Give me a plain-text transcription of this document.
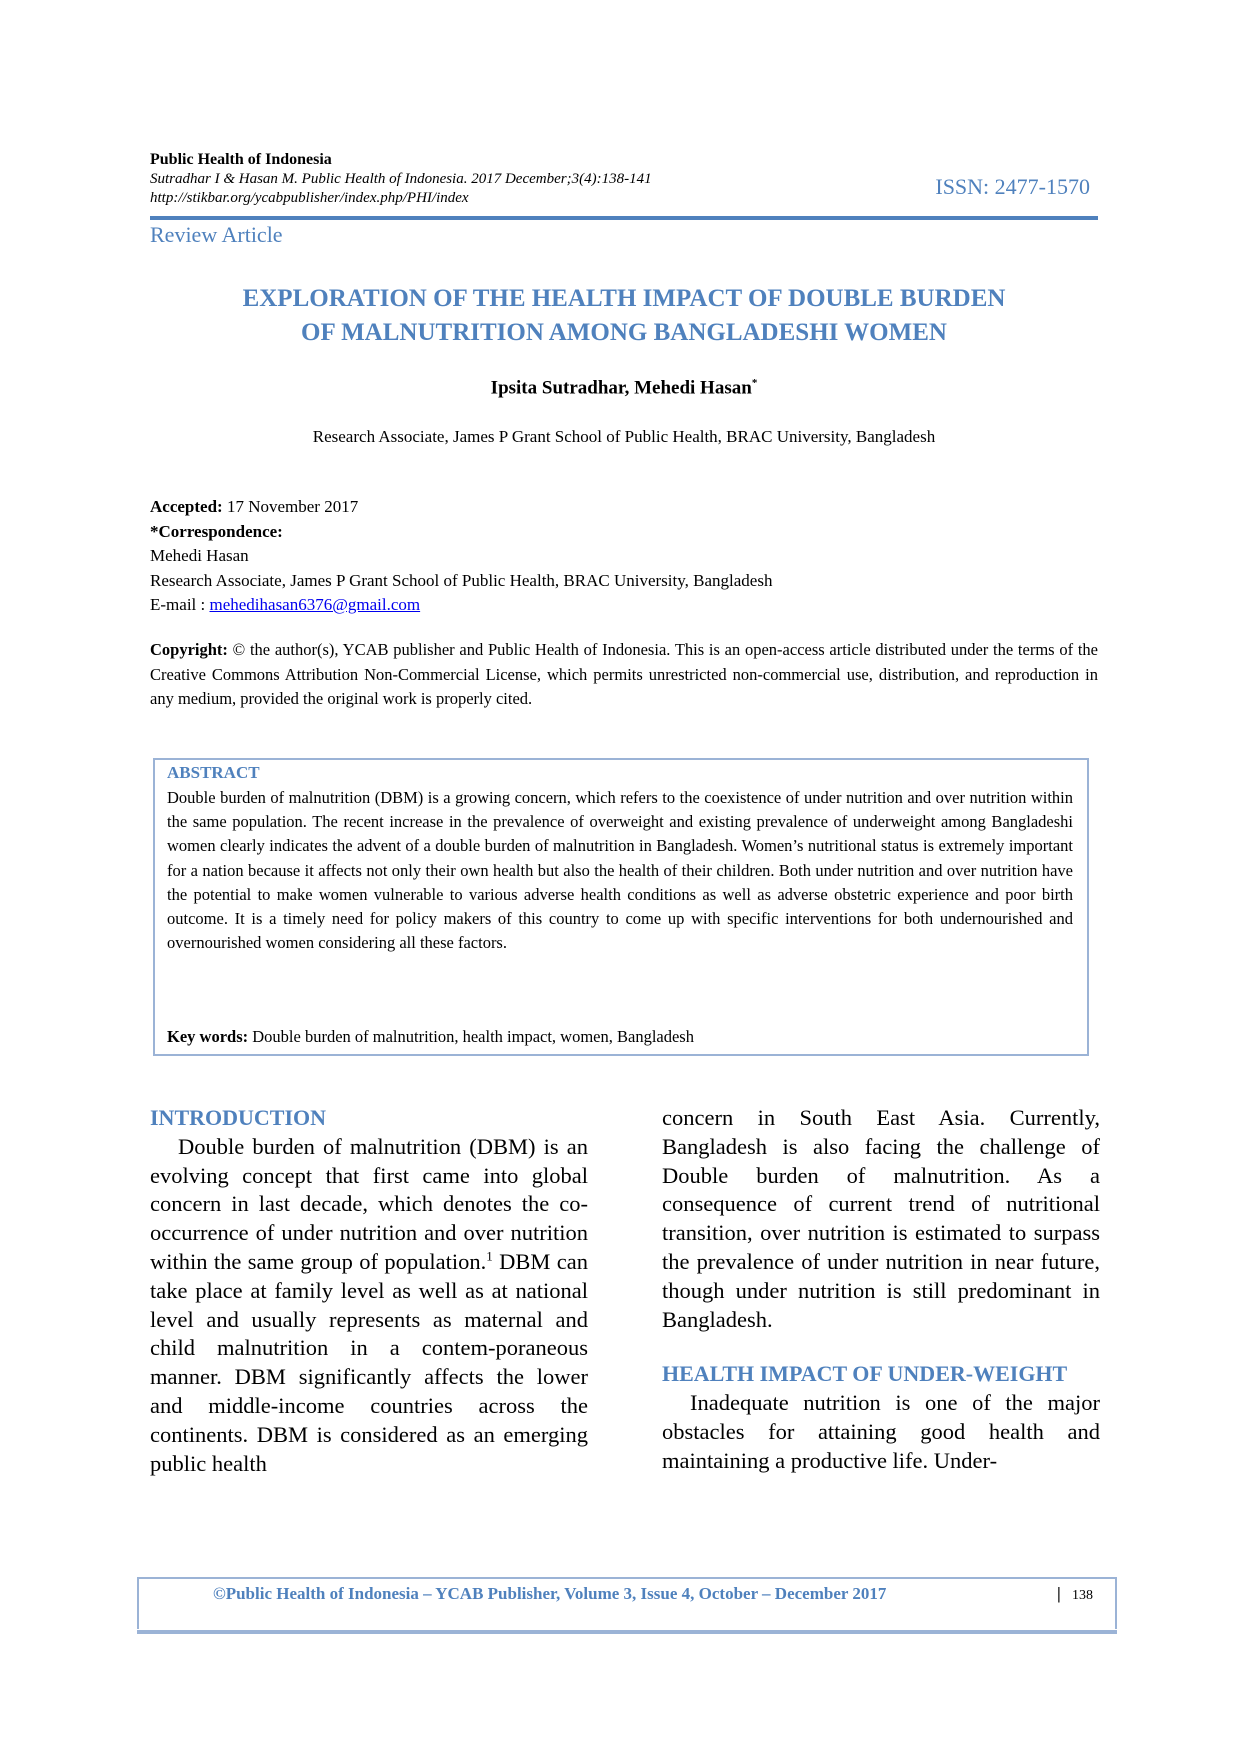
Public Health of Indonesia
Sutradhar I & Hasan M. Public Health of Indonesia. 2017 December;3(4):138-141
http://stikbar.org/ycabpublisher/index.php/PHI/index	ISSN: 2477-1570
Review Article
EXPLORATION OF THE HEALTH IMPACT OF DOUBLE BURDEN
OF MALNUTRITION AMONG BANGLADESHI WOMEN
Ipsita Sutradhar, Mehedi Hasan*
Research Associate, James P Grant School of Public Health, BRAC University, Bangladesh
Accepted: 17 November 2017
*Correspondence:
Mehedi Hasan
Research Associate, James P Grant School of Public Health, BRAC University, Bangladesh
E-mail : mehedihasan6376@gmail.com
Copyright: © the author(s), YCAB publisher and Public Health of Indonesia. This is an open-access article distributed under the terms of the Creative Commons Attribution Non-Commercial License, which permits unrestricted non-commercial use, distribution, and reproduction in any medium, provided the original work is properly cited.
ABSTRACT
Double burden of malnutrition (DBM) is a growing concern, which refers to the coexistence of under nutrition and over nutrition within the same population. The recent increase in the prevalence of overweight and existing prevalence of underweight among Bangladeshi women clearly indicates the advent of a double burden of malnutrition in Bangladesh. Women’s nutritional status is extremely important for a nation because it affects not only their own health but also the health of their children. Both under nutrition and over nutrition have the potential to make women vulnerable to various adverse health conditions as well as adverse obstetric experience and poor birth outcome. It is a timely need for policy makers of this country to come up with specific interventions for both undernourished and overnourished women considering all these factors.
Key words: Double burden of malnutrition, health impact, women, Bangladesh
INTRODUCTION
Double burden of malnutrition (DBM) is an evolving concept that first came into global concern in last decade, which denotes the co-occurrence of under nutrition and over nutrition within the same group of population.$^1$ DBM can take place at family level as well as at national level and usually represents as maternal and child malnutrition in a contem-poraneous manner. DBM significantly affects the lower and middle-income countries across the continents. DBM is considered as an emerging public health
concern in South East Asia. Currently, Bangladesh is also facing the challenge of Double burden of malnutrition. As a consequence of current trend of nutritional transition, over nutrition is estimated to surpass the prevalence of under nutrition in near future, though under nutrition is still predominant in Bangladesh.
HEALTH IMPACT OF UNDER-WEIGHT
Inadequate nutrition is one of the major obstacles for attaining good health and maintaining a productive life. Under-
©Public Health of Indonesia – YCAB Publisher, Volume 3, Issue 4, October – December 2017	| 138
